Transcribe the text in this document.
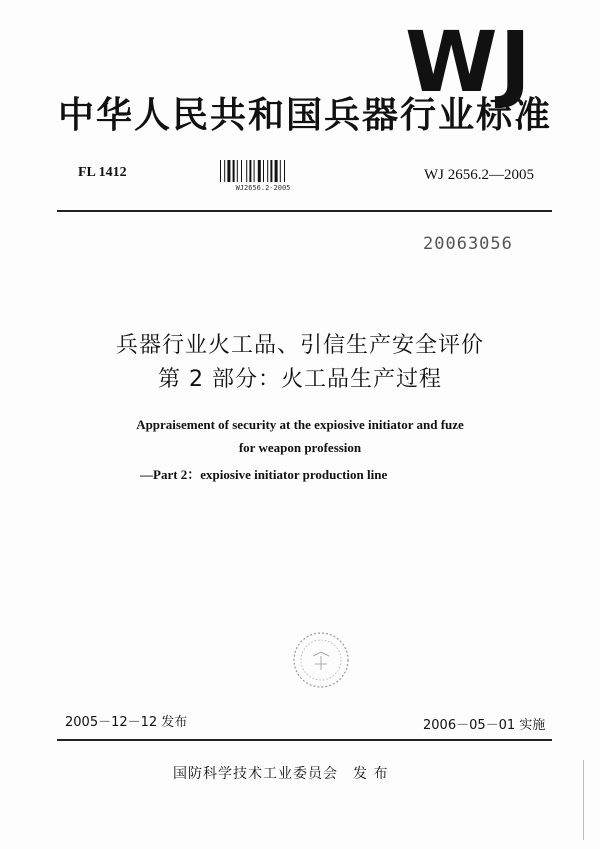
WJ
中华人民共和国兵器行业标准
FL 1412
WJ2656.2-2005
WJ 2656.2—2005
20063056
兵器行业火工品、引信生产安全评价
第 2 部分：火工品生产过程
Appraisement of security at the expiosive initiator and fuze
for weapon profession
—Part 2：expiosive initiator production line
2005－12－12 发布	2006－05－01 实施
国防科学技术工业委员会　发 布
